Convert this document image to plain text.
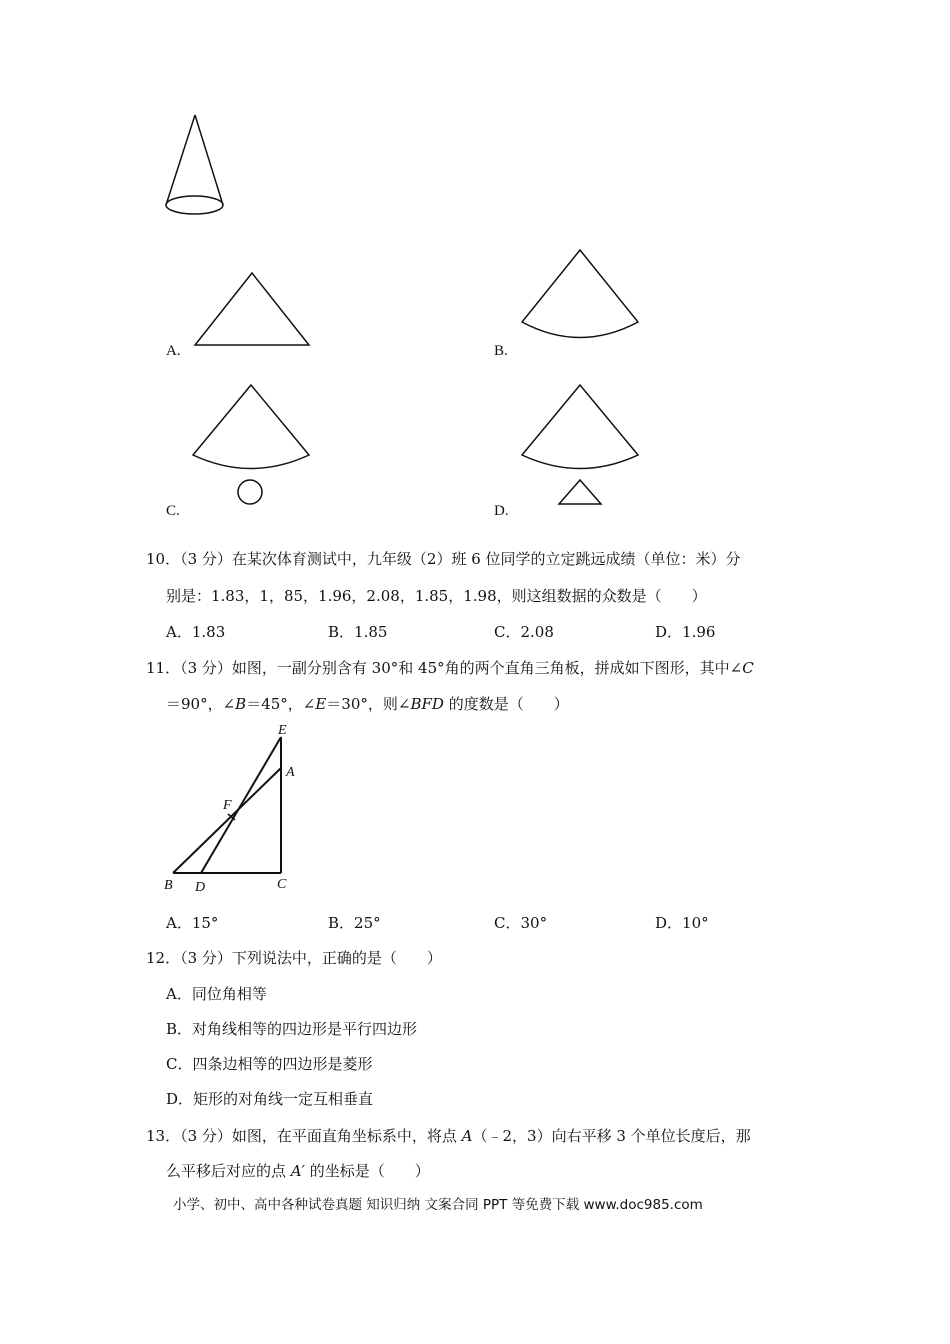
A.	B.
C.	D.
10．（3 分）在某次体育测试中，九年级（2）班 6 位同学的立定跳远成绩（单位：米）分
别是：1.83，1，85，1.96，2.08，1.85，1.98，则这组数据的众数是（　　）
A．1.83	B．1.85	C．2.08	D．1.96
11．（3 分）如图，一副分别含有 30°和 45°角的两个直角三角板，拼成如下图形，其中∠C
＝90°，∠B＝45°，∠E＝30°，则∠BFD 的度数是（　　）
E
A
F
B D	C
A．15°	B．25°	C．30°	D．10°
12．（3 分）下列说法中，正确的是（　　）
A．同位角相等
B．对角线相等的四边形是平行四边形
C．四条边相等的四边形是菱形
D．矩形的对角线一定互相垂直
13．（3 分）如图，在平面直角坐标系中，将点 A（﹣2，3）向右平移 3 个单位长度后，那
么平移后对应的点 A′ 的坐标是（　　）
小学、初中、高中各种试卷真题 知识归纳 文案合同 PPT 等免费下载 www.doc985.com
